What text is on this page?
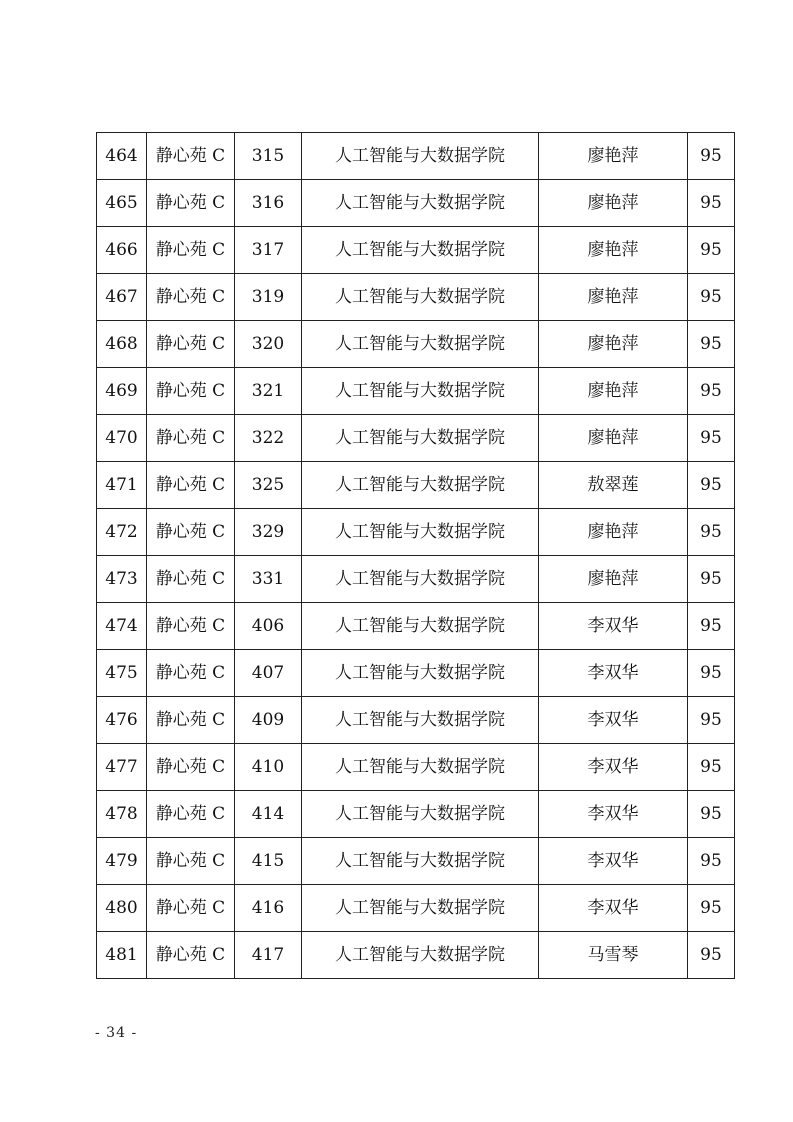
464	静心苑 C	315	人工智能与大数据学院	廖艳萍	95
465	静心苑 C	316	人工智能与大数据学院	廖艳萍	95
466	静心苑 C	317	人工智能与大数据学院	廖艳萍	95
467	静心苑 C	319	人工智能与大数据学院	廖艳萍	95
468	静心苑 C	320	人工智能与大数据学院	廖艳萍	95
469	静心苑 C	321	人工智能与大数据学院	廖艳萍	95
470	静心苑 C	322	人工智能与大数据学院	廖艳萍	95
471	静心苑 C	325	人工智能与大数据学院	敖翠莲	95
472	静心苑 C	329	人工智能与大数据学院	廖艳萍	95
473	静心苑 C	331	人工智能与大数据学院	廖艳萍	95
474	静心苑 C	406	人工智能与大数据学院	李双华	95
475	静心苑 C	407	人工智能与大数据学院	李双华	95
476	静心苑 C	409	人工智能与大数据学院	李双华	95
477	静心苑 C	410	人工智能与大数据学院	李双华	95
478	静心苑 C	414	人工智能与大数据学院	李双华	95
479	静心苑 C	415	人工智能与大数据学院	李双华	95
480	静心苑 C	416	人工智能与大数据学院	李双华	95
481	静心苑 C	417	人工智能与大数据学院	马雪琴	95
- 34 -
